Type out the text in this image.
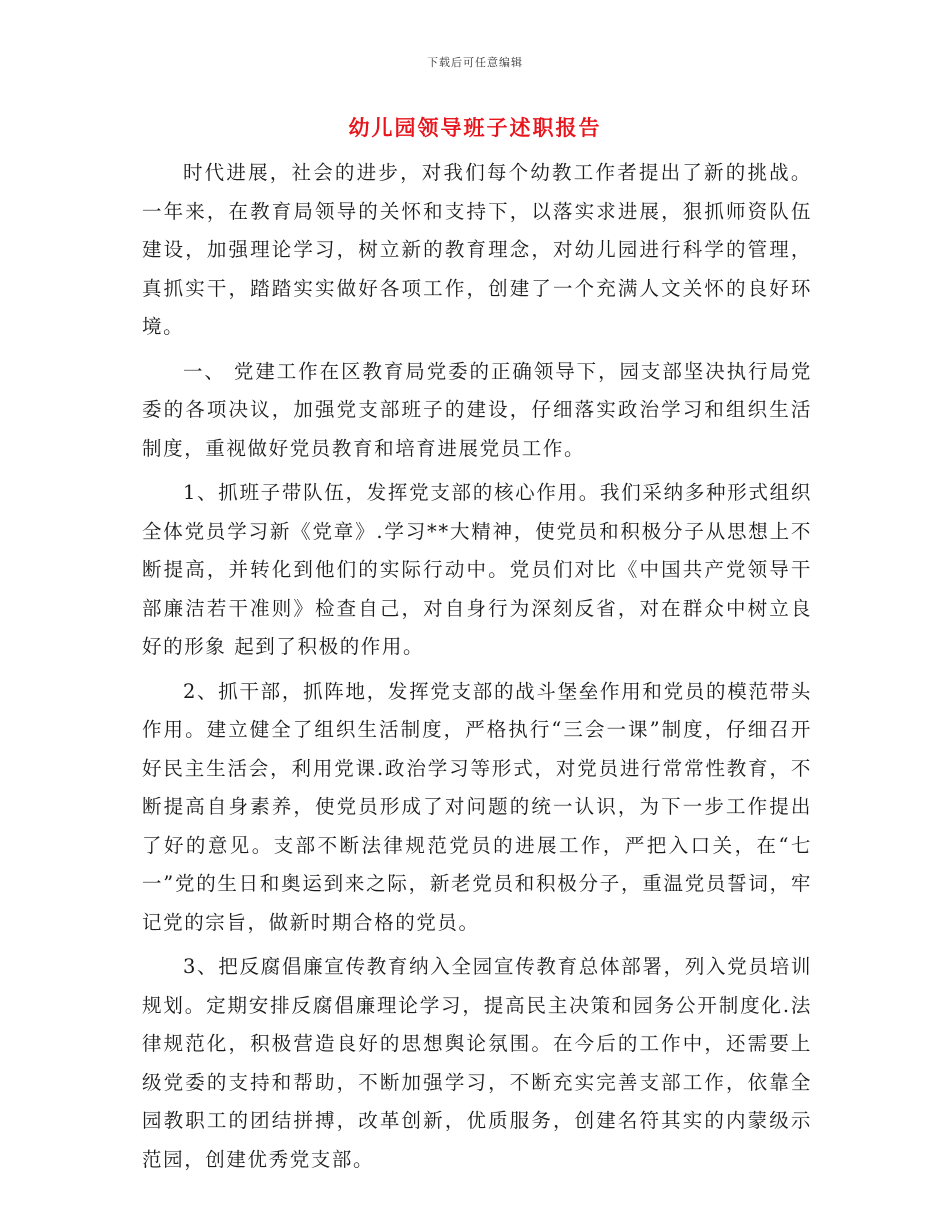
下载后可任意编辑
幼儿园领导班子述职报告

时代进展，社会的进步，对我们每个幼教工作者提出了新的挑战。一年来，在教育局领导的关怀和支持下，以落实求进展，狠抓师资队伍建设，加强理论学习，树立新的教育理念，对幼儿园进行科学的管理，真抓实干，踏踏实实做好各项工作，创建了一个充满人文关怀的良好环境。

一、 党建工作在区教育局党委的正确领导下，园支部坚决执行局党委的各项决议，加强党支部班子的建设，仔细落实政治学习和组织生活制度，重视做好党员教育和培育进展党员工作。

1、抓班子带队伍，发挥党支部的核心作用。我们采纳多种形式组织全体党员学习新《党章》.学习**大精神，使党员和积极分子从思想上不断提高，并转化到他们的实际行动中。党员们对比《中国共产党领导干部廉洁若干准则》检查自己，对自身行为深刻反省，对在群众中树立良好的形象 起到了积极的作用。

2、抓干部，抓阵地，发挥党支部的战斗堡垒作用和党员的模范带头作用。建立健全了组织生活制度，严格执行“三会一课”制度，仔细召开好民主生活会，利用党课.政治学习等形式，对党员进行常常性教育，不断提高自身素养，使党员形成了对问题的统一认识，为下一步工作提出了好的意见。支部不断法律规范党员的进展工作，严把入口关，在“七一”党的生日和奥运到来之际，新老党员和积极分子，重温党员誓词，牢记党的宗旨，做新时期合格的党员。

3、把反腐倡廉宣传教育纳入全园宣传教育总体部署，列入党员培训规划。定期安排反腐倡廉理论学习，提高民主决策和园务公开制度化.法律规范化，积极营造良好的思想舆论氛围。在今后的工作中，还需要上级党委的支持和帮助，不断加强学习，不断充实完善支部工作，依靠全园教职工的团结拼搏，改革创新，优质服务，创建名符其实的内蒙级示范园，创建优秀党支部。
